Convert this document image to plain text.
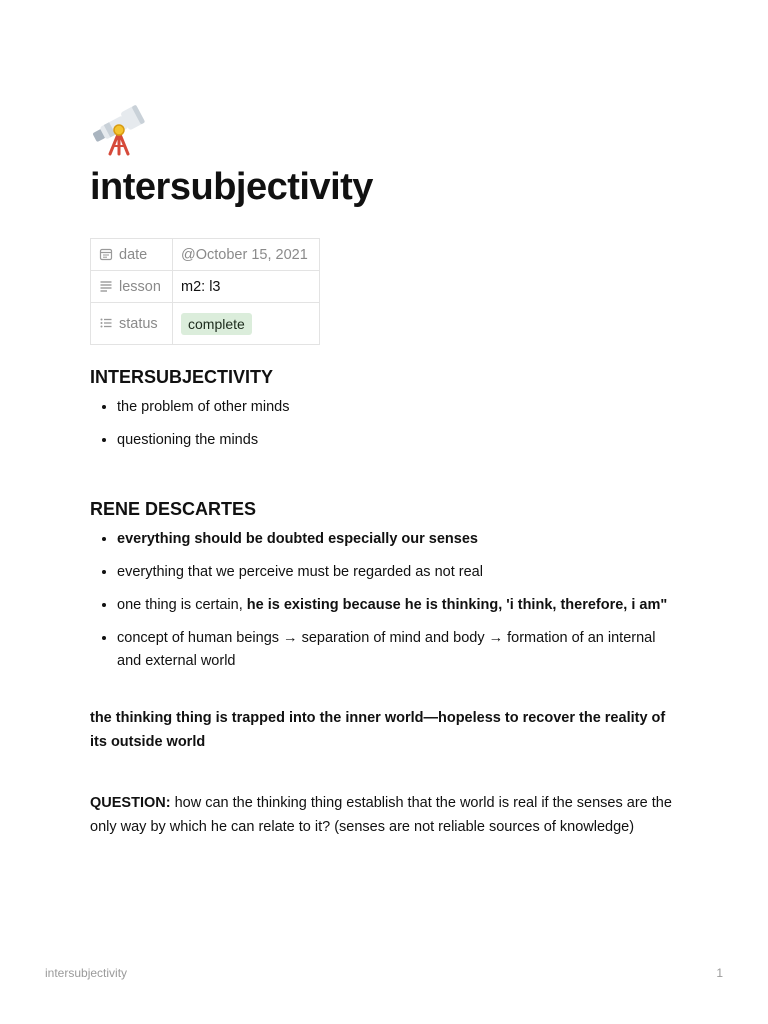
intersubjectivity
date	@October 15, 2021
lesson	m2: l3
status	complete
INTERSUBJECTIVITY
• the problem of other minds
• questioning the minds
RENE DESCARTES
• everything should be doubted especially our senses
• everything that we perceive must be regarded as not real
• one thing is certain, he is existing because he is thinking, 'i think, therefore, i am"
• concept of human beings → separation of mind and body → formation of an internal and external world

the thinking thing is trapped into the inner world—hopeless to recover the reality of its outside world

QUESTION: how can the thinking thing establish that the world is real if the senses are the only way by which he can relate to it? (senses are not reliable sources of knowledge)

intersubjectivity	1
